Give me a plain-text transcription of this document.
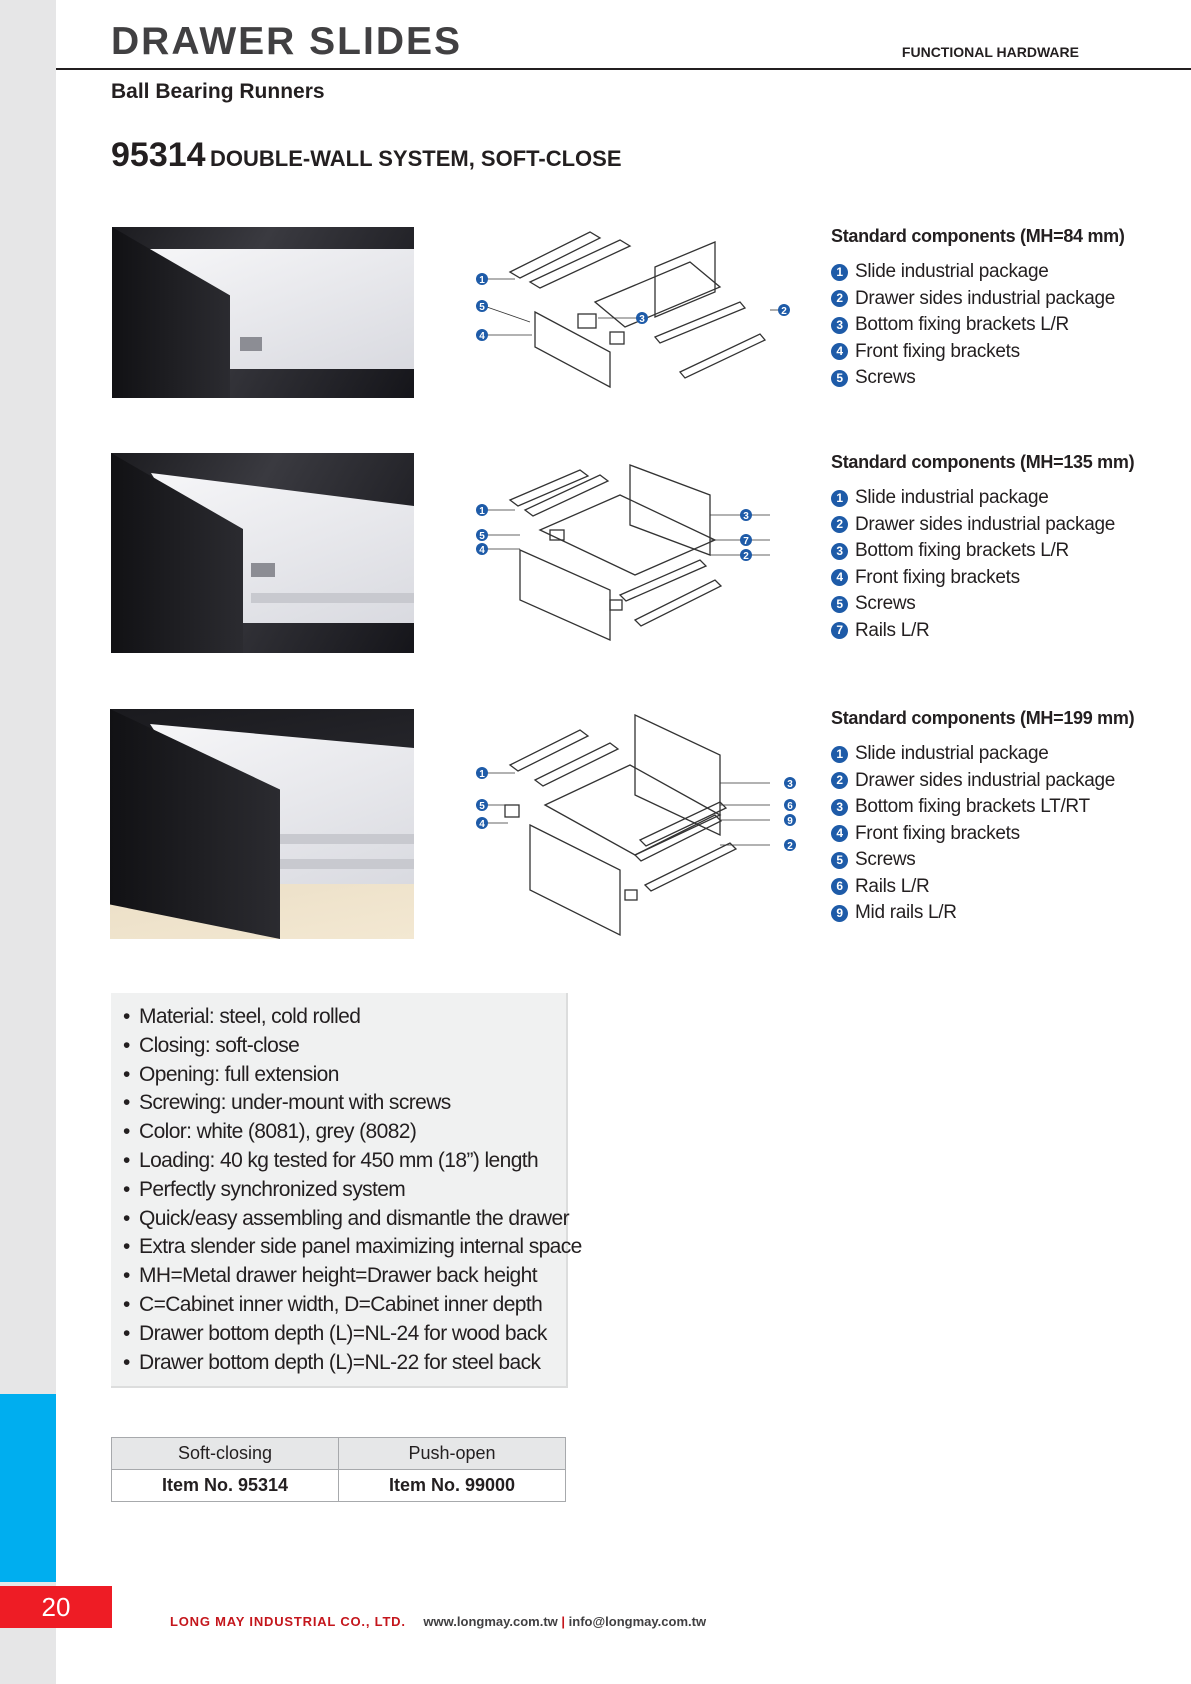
20
DRAWER SLIDES	FUNCTIONAL HARDWARE
Ball Bearing Runners
95314 DOUBLE-WALL SYSTEM, SOFT-CLOSE
1
5
4
3
2
Standard components (MH=84 mm)
1 Slide industrial package
2 Drawer sides industrial package
3 Bottom fixing brackets L/R
4 Front fixing brackets
5 Screws
1
5
4
3
7
2
Standard components (MH=135 mm)
1 Slide industrial package
2 Drawer sides industrial package
3 Bottom fixing brackets L/R
4 Front fixing brackets
5 Screws
7 Rails L/R
1
5
4
3
6
9
2
Standard components (MH=199 mm)
1 Slide industrial package
2 Drawer sides industrial package
3 Bottom fixing brackets LT/RT
4 Front fixing brackets
5 Screws
6 Rails L/R
9 Mid rails L/R
• Material: steel, cold rolled
• Closing: soft-close
• Opening: full extension
• Screwing: under-mount with screws
• Color: white (8081), grey (8082)
• Loading: 40 kg tested for 450 mm (18”) length
• Perfectly synchronized system
• Quick/easy assembling and dismantle the drawer
• Extra slender side panel maximizing internal space
• MH=Metal drawer height=Drawer back height
• C=Cabinet inner width, D=Cabinet inner depth
• Drawer bottom depth (L)=NL-24 for wood back
• Drawer bottom depth (L)=NL-22 for steel back
Soft-closing	Push-open
Item No. 95314	Item No. 99000
LONG MAY INDUSTRIAL CO., LTD. www.longmay.com.tw | info@longmay.com.tw
